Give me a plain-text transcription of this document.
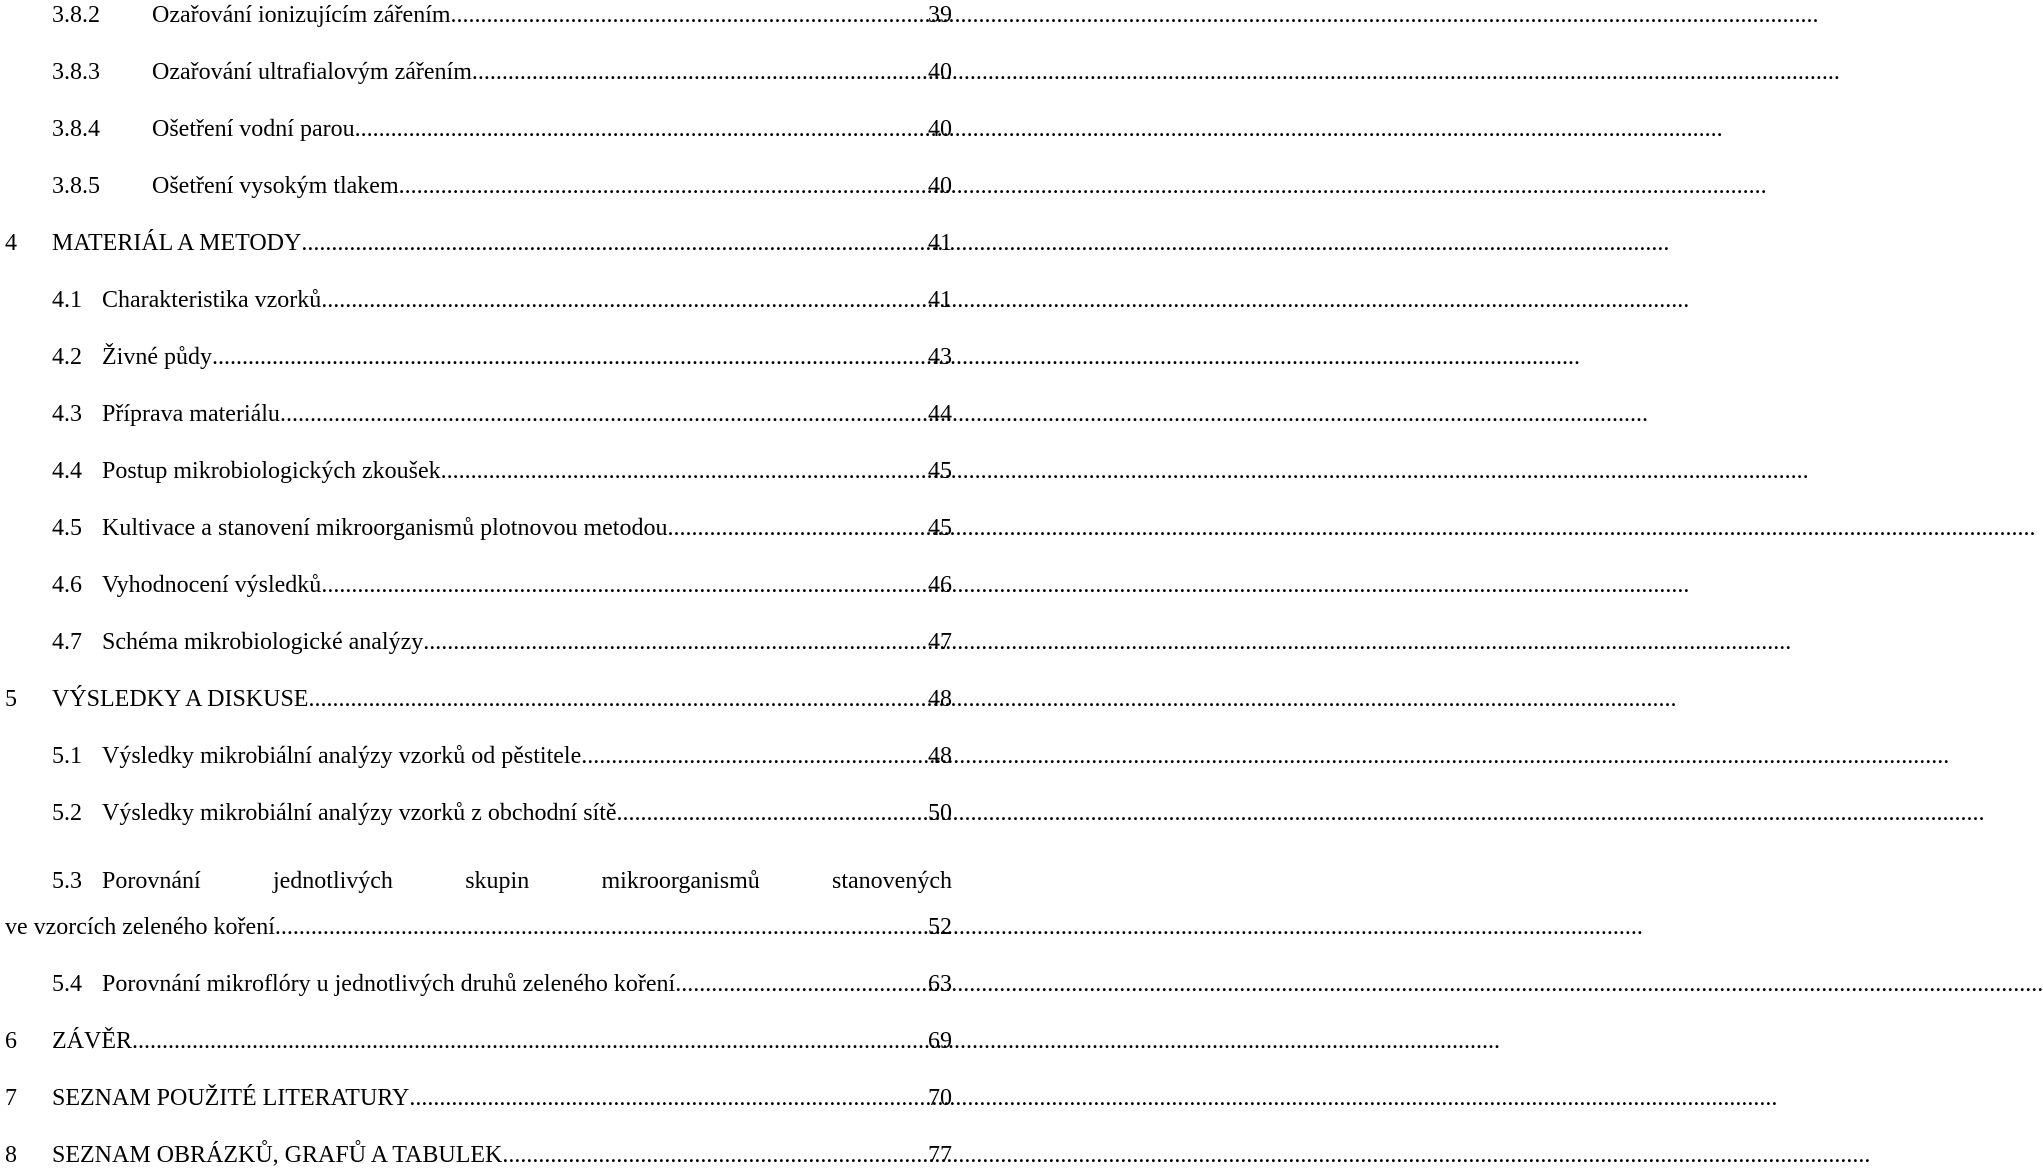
3.8.2 Ozařování ionizujícím zářením .....	39
3.8.3 Ozařování ultrafialovým zářením .....	40
3.8.4 Ošetření vodní parou .....	40
3.8.5 Ošetření vysokým tlakem .....	40
4 MATERIÁL A METODY .....	41
4.1 Charakteristika vzorků .....	41
4.2 Živné půdy .....	43
4.3 Příprava materiálu .....	44
4.4 Postup mikrobiologických zkoušek .....	45
4.5 Kultivace a stanovení mikroorganismů plotnovou metodou .....	45
4.6 Vyhodnocení výsledků .....	46
4.7 Schéma mikrobiologické analýzy .....	47
5 VÝSLEDKY A DISKUSE .....	48
5.1 Výsledky mikrobiální analýzy vzorků od pěstitele .....	48
5.2 Výsledky mikrobiální analýzy vzorků z obchodní sítě .....	50
5.3 Porovnání	jednotlivých	skupin	mikroorganismů	stanovených
ve vzorcích zeleného koření .....	52
5.4 Porovnání mikroflóry u jednotlivých druhů zeleného koření .....	63
6 ZÁVĚR .....	69
7 SEZNAM POUŽITÉ LITERATURY .....	70
8 SEZNAM OBRÁZKŮ, GRAFŮ A TABULEK .....	77
